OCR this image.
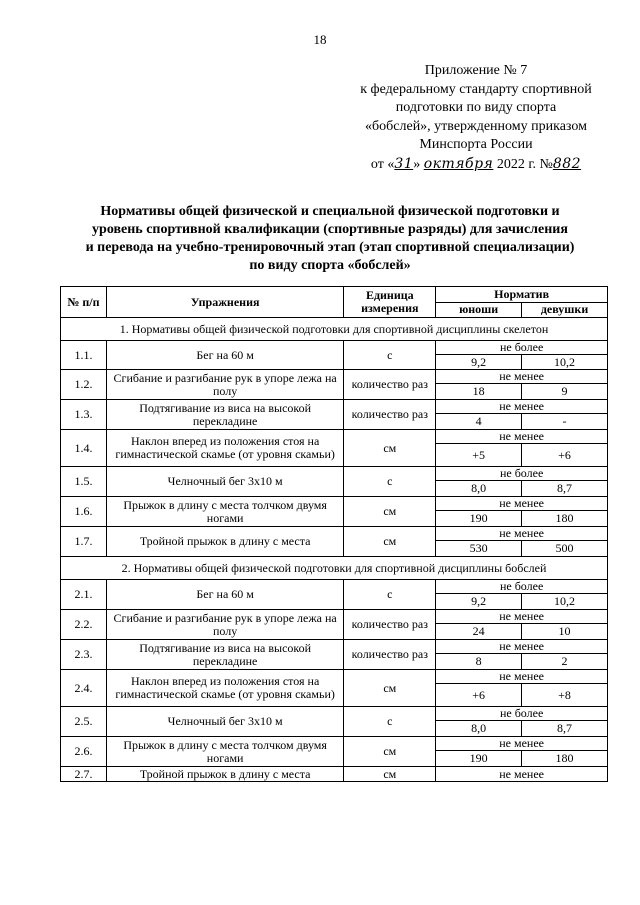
18
Приложение № 7
к федеральному стандарту спортивной
подготовки по виду спорта
«бобслей», утвержденному приказом
Минспорта России
от «31» октября 2022 г. №882
Нормативы общей физической и специальной физической подготовки и
уровень спортивной квалификации (спортивные разряды) для зачисления
и перевода на учебно-тренировочный этап (этап спортивной специализации)
по виду спорта «бобслей»
№ п/п	Упражнения	Единица измерения	Норматив	
			юноши	девушки
1. Нормативы общей физической подготовки для спортивной дисциплины скелетон				
1.1.	Бег на 60 м	с	не более	
			9,2	10,2
1.2.	Сгибание и разгибание рук в упоре лежа на полу	количество раз	не менее	
			18	9
1.3.	Подтягивание из виса на высокой перекладине	количество раз	не менее	
			4	-
1.4.	Наклон вперед из положения стоя на гимнастической скамье (от уровня скамьи)	см	не менее	
			+5	+6
1.5.	Челночный бег 3х10 м	с	не более	
			8,0	8,7
1.6.	Прыжок в длину с места толчком двумя ногами	см	не менее	
			190	180
1.7.	Тройной прыжок в длину с места	см	не менее	
			530	500
2. Нормативы общей физической подготовки для спортивной дисциплины бобслей				
2.1.	Бег на 60 м	с	не более	
			9,2	10,2
2.2.	Сгибание и разгибание рук в упоре лежа на полу	количество раз	не менее	
			24	10
2.3.	Подтягивание из виса на высокой перекладине	количество раз	не менее	
			8	2
2.4.	Наклон вперед из положения стоя на гимнастической скамье (от уровня скамьи)	см	не менее	
			+6	+8
2.5.	Челночный бег 3х10 м	с	не более	
			8,0	8,7
2.6.	Прыжок в длину с места толчком двумя ногами	см	не менее	
			190	180
2.7.	Тройной прыжок в длину с места	см	не менее	
